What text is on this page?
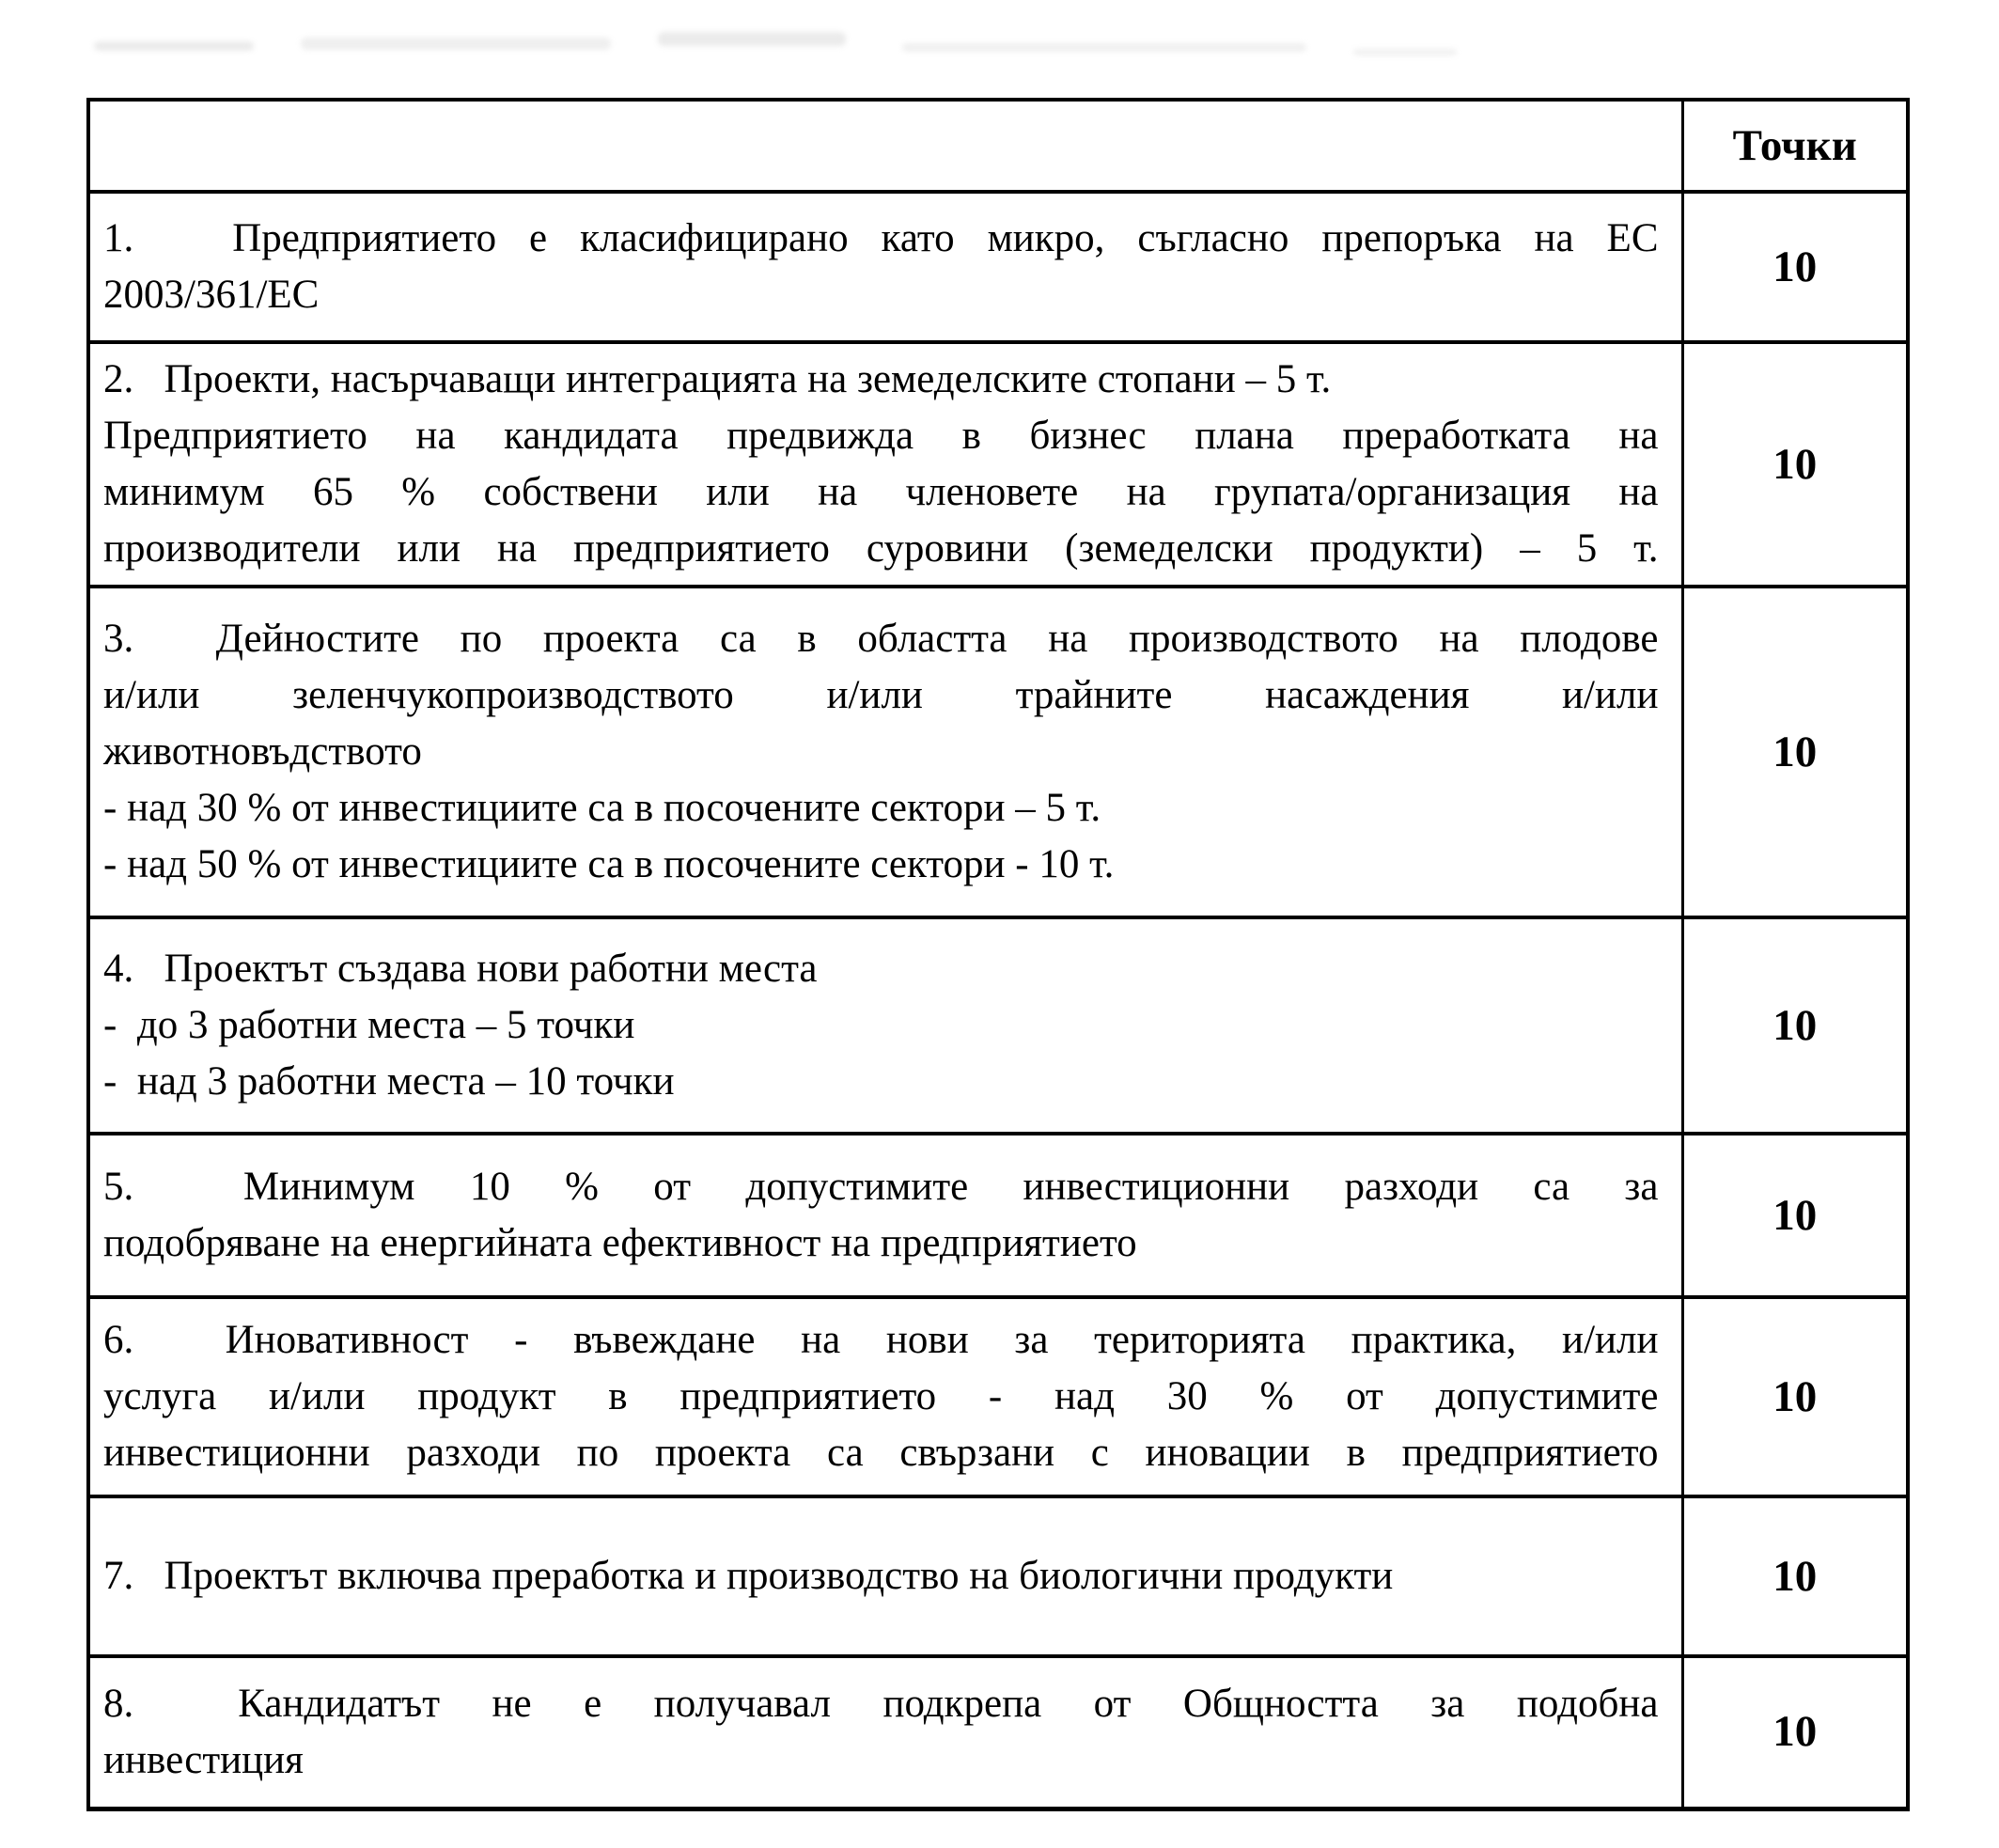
	Точки

1.   Предприятието е класифицирано като микро, съгласно препоръка на ЕС
2003/361/ЕС	10

2.   Проекти, насърчаващи интеграцията на земеделските стопани – 5 т.
Предприятието на кандидата предвижда в бизнес плана преработката на
минимум 65 % собствени или на членовете на групата/организация на
производители или на предприятието суровини (земеделски продукти) – 5 т.	10

3.  Дейностите по проекта са в областта на производството на плодове
и/или зеленчукопроизводството и/или трайните насаждения и/или
животновъдството
- над 30 % от инвестициите са в посочените сектори – 5 т.
- над 50 % от инвестициите са в посочените сектори - 10 т.	10

4.   Проектът създава нови работни места
-  до 3 работни места – 5 точки
-  над 3 работни места – 10 точки	10

5.  Минимум 10 % от допустимите инвестиционни разходи са за
подобряване на енергийната ефективност на предприятието	10

6.  Иновативност - въвеждане на нови за територията практика, и/или
услуга и/или продукт в предприятието - над 30 % от допустимите
инвестиционни разходи по проекта са свързани с иновации в предприятието	10

7.   Проектът включва преработка и производство на биологични продукти	10

8.  Кандидатът не е получавал подкрепа от Общността за подобна
инвестиция	10
